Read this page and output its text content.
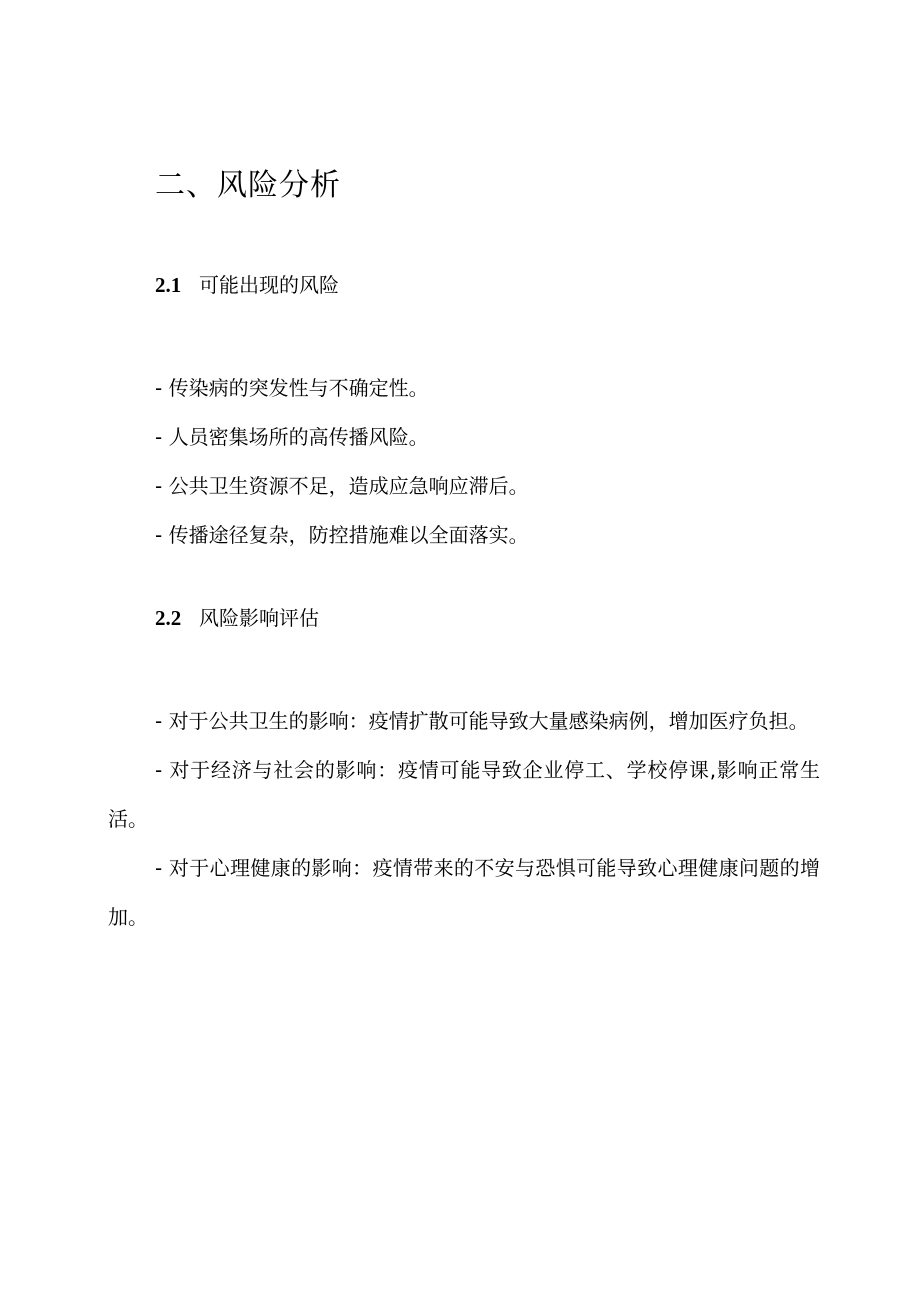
二、风险分析
2.1 可能出现的风险
- 传染病的突发性与不确定性。
- 人员密集场所的高传播风险。
- 公共卫生资源不足，造成应急响应滞后。
- 传播途径复杂，防控措施难以全面落实。
2.2 风险影响评估
- 对于公共卫生的影响：疫情扩散可能导致大量感染病例，增加医疗负担。
- 对于经济与社会的影响：疫情可能导致企业停工、学校停课,影响正常生活。
- 对于心理健康的影响：疫情带来的不安与恐惧可能导致心理健康问题的增加。
